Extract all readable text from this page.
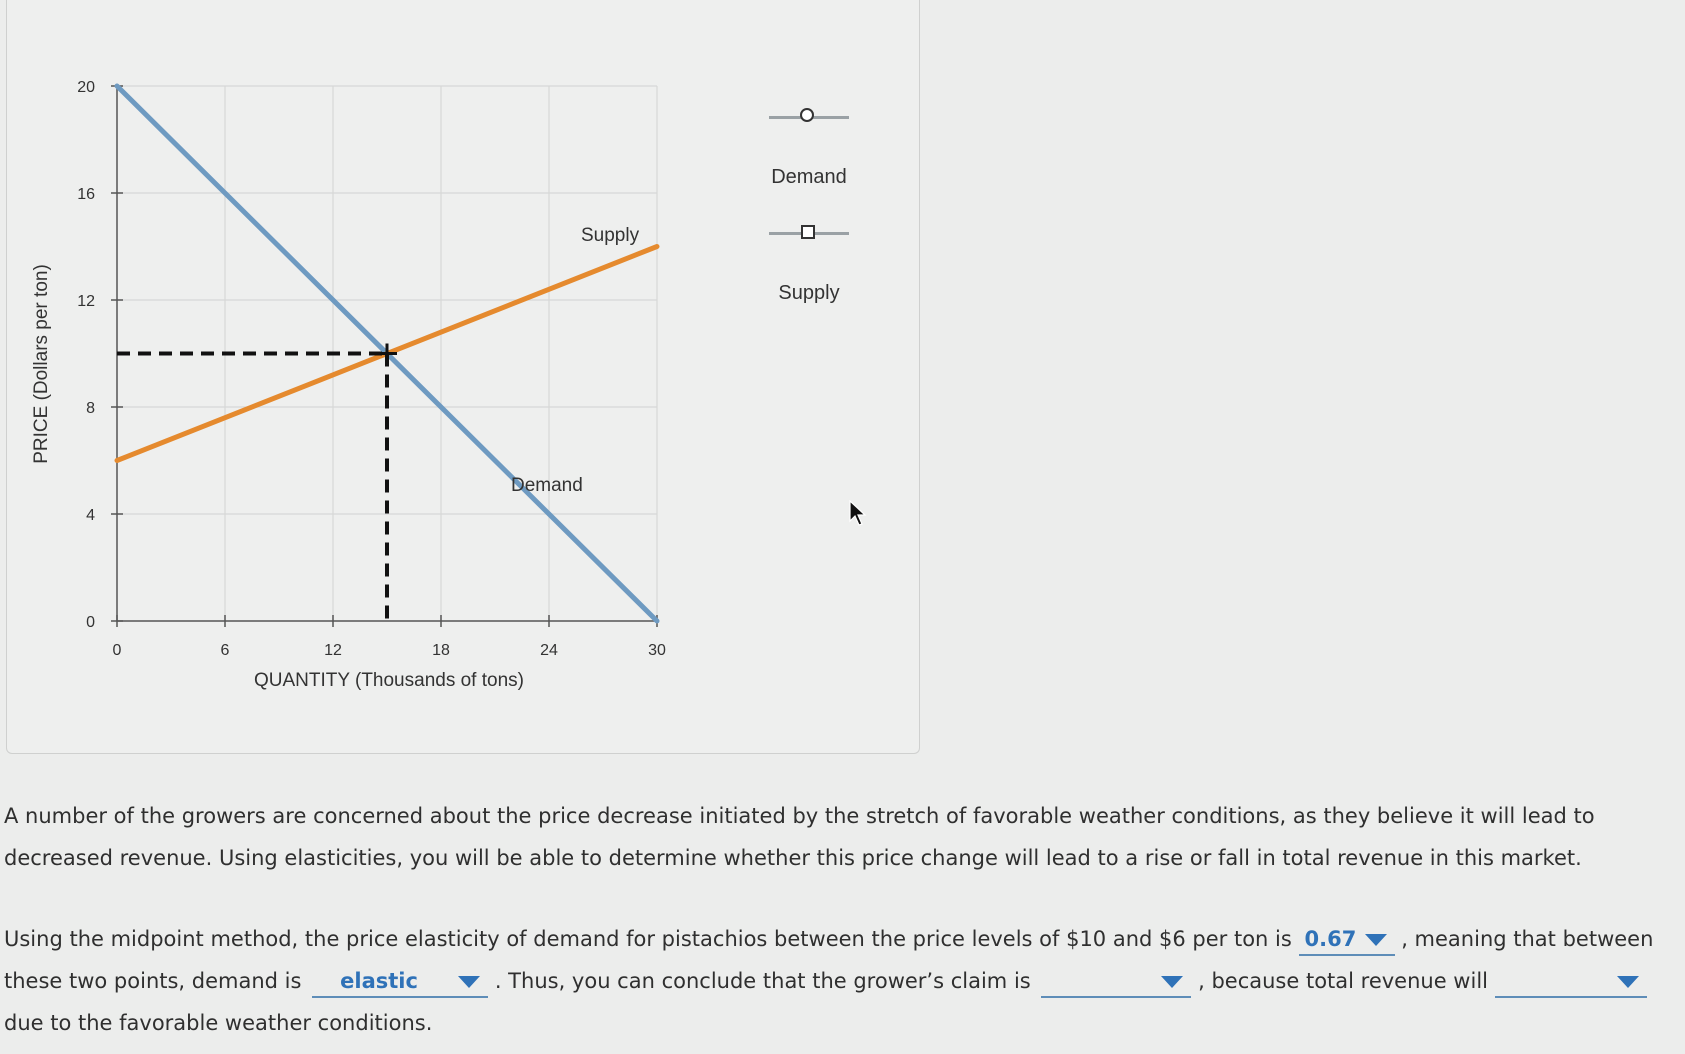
0	6	12	18	24	30
0
4
8
12
16
20
Supply
Demand
QUANTITY (Thousands of tons)
PRICE (Dollars per ton)
Demand
Supply
A number of the growers are concerned about the price decrease initiated by the stretch of favorable weather conditions, as they believe it will lead to decreased revenue. Using elasticities, you will be able to determine whether this price change will lead to a rise or fall in total revenue in this market.
Using the midpoint method, the price elasticity of demand for pistachios between the price levels of $10 and $6 per ton is 0.67 , meaning that between these two points, demand is elastic	. Thus, you can conclude that the grower’s claim is	, because total revenue will
due to the favorable weather conditions.
